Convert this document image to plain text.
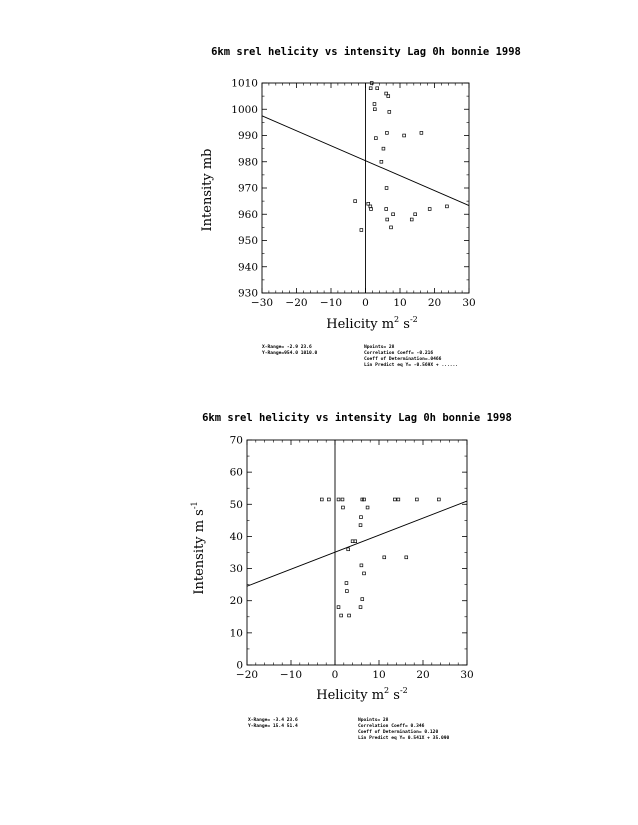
6km srel helicity vs intensity Lag 0h bonnie 1998
−30 −20 −10 0 10 20 30
930
940
950
960
970
980
990
1000
1010
Helicity $m^2$ $s^{-2}$
Intensity mb
X-Range= -2.9 23.6
Y-Range=954.0 1010.0
Npoints= 28
Correlation Coeff= -0.216
Coeff of Determination=.0466
Lin Predict eq Y= -0.569X + ......
6km srel helicity vs intensity Lag 0h bonnie 1998
−20 −10	0	10	20	30
0
10
20
30
40
50
60
70
Helicity $m^2$ $s^{-2}$
Intensity m $s^{-1}$
X-Range= -3.4 23.6
Y-Range= 15.4 51.4
Npoints= 28
Correlation Coeff= 0.346
Coeff of Determination= 0.120
Lin Predict eq Y= 0.541X + 35.090
